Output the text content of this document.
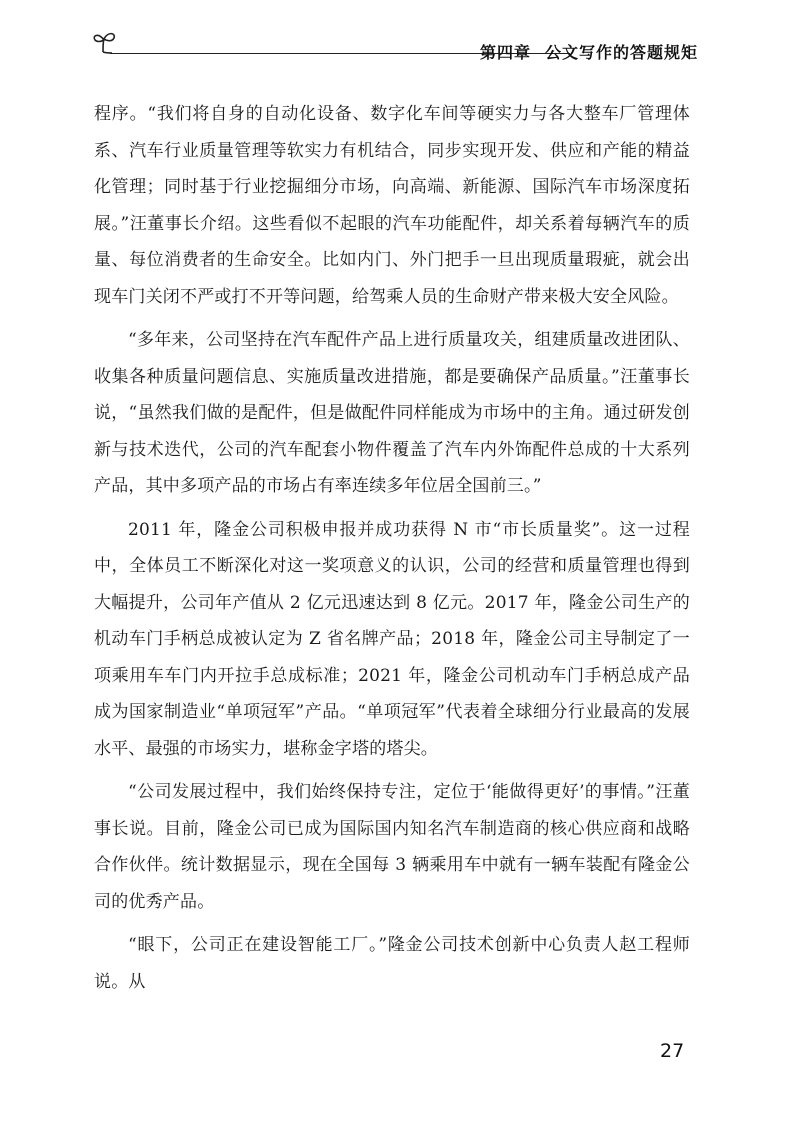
第四章 公文写作的答题规矩

程序。“我们将自身的自动化设备、数字化车间等硬实力与各大整车厂管理体系、汽车行业质量管理等软实力有机结合，同步实现开发、供应和产能的精益化管理；同时基于行业挖掘细分市场，向高端、新能源、国际汽车市场深度拓展。”汪董事长介绍。这些看似不起眼的汽车功能配件，却关系着每辆汽车的质量、每位消费者的生命安全。比如内门、外门把手一旦出现质量瑕疵，就会出现车门关闭不严或打不开等问题，给驾乘人员的生命财产带来极大安全风险。

“多年来，公司坚持在汽车配件产品上进行质量攻关，组建质量改进团队、收集各种质量问题信息、实施质量改进措施，都是要确保产品质量。”汪董事长说，“虽然我们做的是配件，但是做配件同样能成为市场中的主角。通过研发创新与技术迭代，公司的汽车配套小物件覆盖了汽车内外饰配件总成的十大系列产品，其中多项产品的市场占有率连续多年位居全国前三。”

2011 年，隆金公司积极申报并成功获得 N 市“市长质量奖”。这一过程中，全体员工不断深化对这一奖项意义的认识，公司的经营和质量管理也得到大幅提升，公司年产值从 2 亿元迅速达到 8 亿元。2017 年，隆金公司生产的机动车门手柄总成被认定为 Z 省名牌产品；2018 年，隆金公司主导制定了一项乘用车车门内开拉手总成标准；2021 年，隆金公司机动车门手柄总成产品成为国家制造业“单项冠军”产品。“单项冠军”代表着全球细分行业最高的发展水平、最强的市场实力，堪称金字塔的塔尖。

“公司发展过程中，我们始终保持专注，定位于‘能做得更好’的事情。”汪董事长说。目前，隆金公司已成为国际国内知名汽车制造商的核心供应商和战略合作伙伴。统计数据显示，现在全国每 3 辆乘用车中就有一辆车装配有隆金公司的优秀产品。

“眼下，公司正在建设智能工厂。”隆金公司技术创新中心负责人赵工程师说。从

27
